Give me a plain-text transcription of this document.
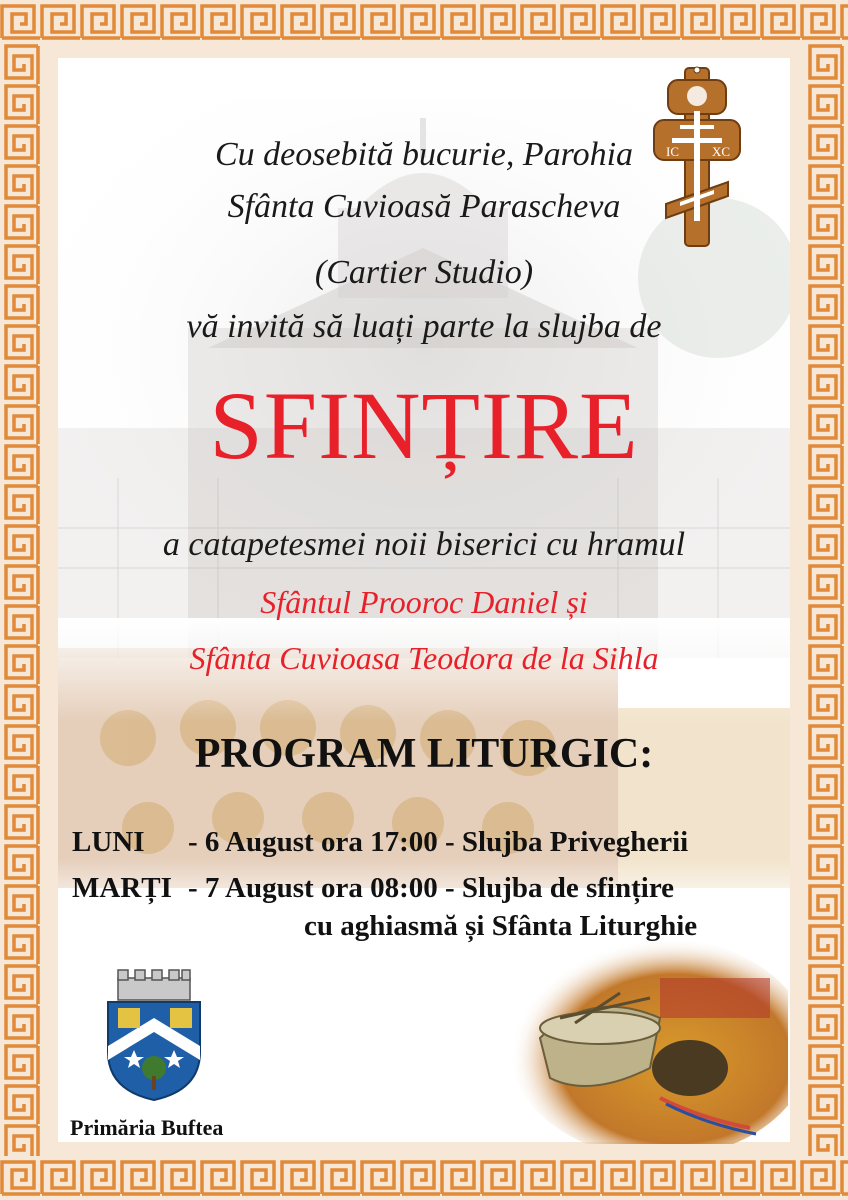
IC	XC
Cu deosebită bucurie, Parohia
Sfânta Cuvioasă Parascheva
(Cartier Studio)
vă invită să luați parte la slujba de
SFINȚIRE
a catapetesmei noii biserici cu hramul
Sfântul Prooroc Daniel și
Sfânta Cuvioasa Teodora de la Sihla
PROGRAM LITURGIC:
LUNI - 6 August ora 17:00 - Slujba Privegherii
MARȚI - 7 August ora 08:00 - Slujba de sfințire
cu aghiasmă și Sfânta Liturghie
Primăria Buftea
